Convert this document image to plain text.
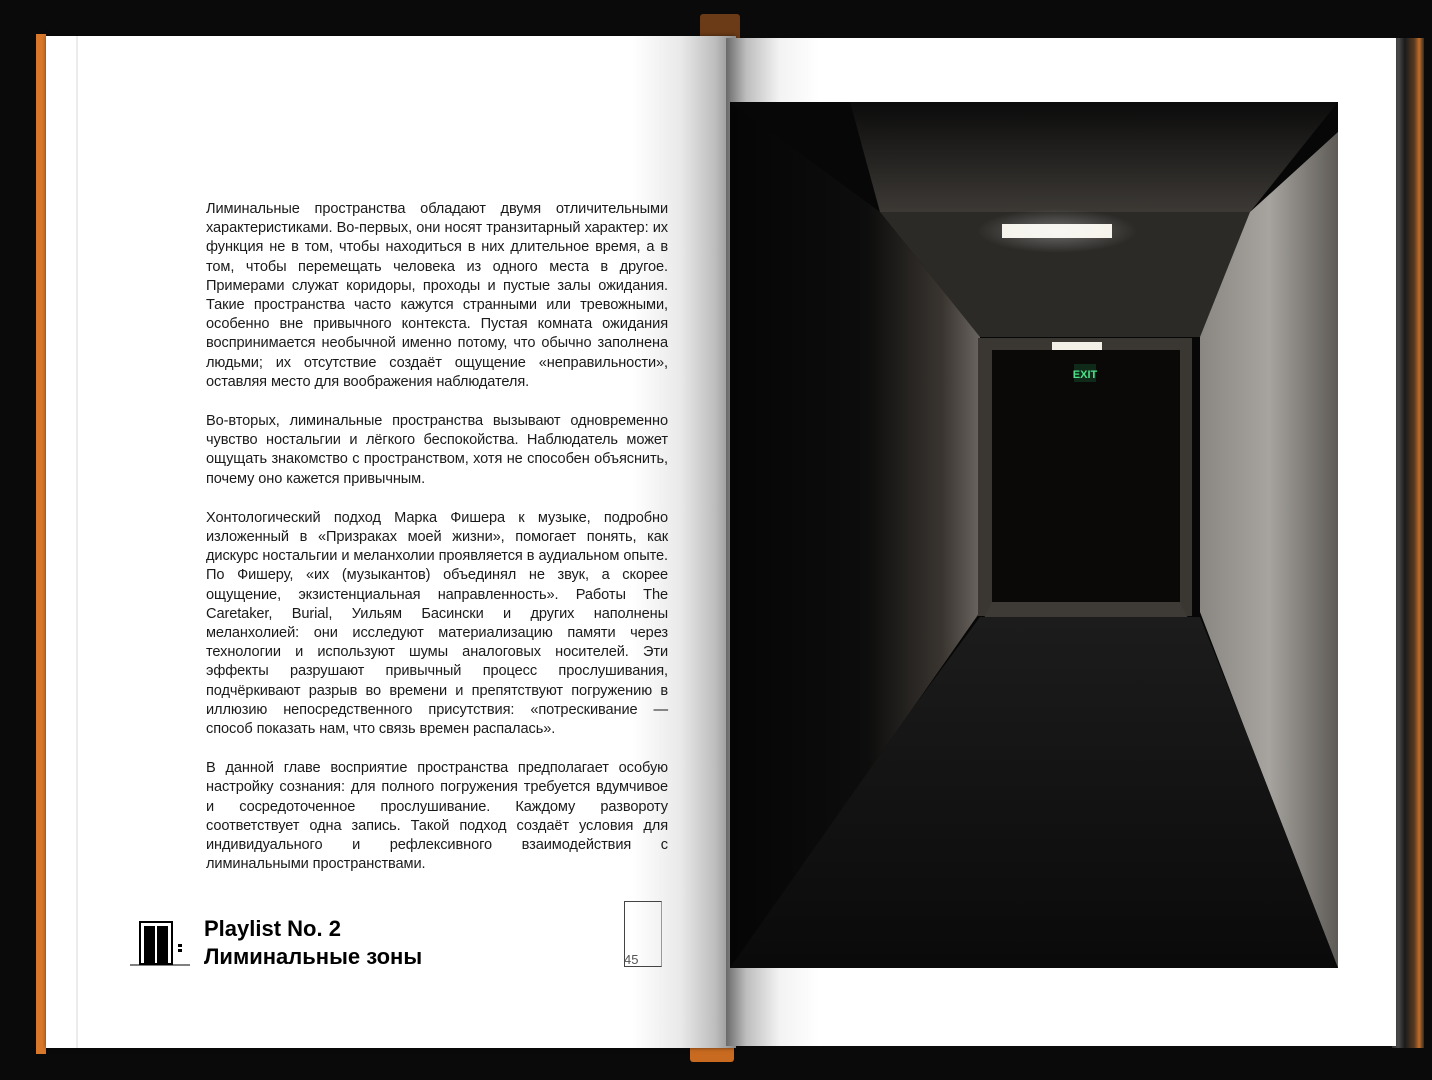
Лиминальные пространства обладают двумя отличительными характеристиками. Во-первых, они носят транзитарный характер: их функция не в том, чтобы находиться в них длительное время, а в том, чтобы перемещать человека из одного места в другое. Примерами служат коридоры, проходы и пустые залы ожидания. Такие пространства часто кажутся странными или тревожными, особенно вне привычного контекста. Пустая комната ожидания воспринимается необычной именно потому, что обычно заполнена людьми; их отсутствие создаёт ощущение «неправильности», оставляя место для воображения наблюдателя.

Во-вторых, лиминальные пространства вызывают одновременно чувство ностальгии и лёгкого беспокойства. Наблюдатель может ощущать знакомство с пространством, хотя не способен объяснить, почему оно кажется привычным.

Хонтологический подход Марка Фишера к музыке, подробно изложенный в «Призраках моей жизни», помогает понять, как дискурс ностальгии и меланхолии проявляется в аудиальном опыте. По Фишеру, «их (музыкантов) объединял не звук, а скорее ощущение, экзистенциальная направленность». Работы The Caretaker, Burial, Уильям Басински и других наполнены меланхолией: они исследуют материализацию памяти через технологии и используют шумы аналоговых носителей. Эти эффекты разрушают привычный процесс прослушивания, подчёркивают разрыв во времени и препятствуют погружению в иллюзию непосредственного присутствия: «потрескивание — способ показать нам, что связь времен распалась».

В данной главе восприятие пространства предполагает особую настройку сознания: для полного погружения требуется вдумчивое и сосредоточенное прослушивание. Каждому развороту соответствует одна запись. Такой подход создаёт условия для индивидуального и рефлексивного взаимодействия с лиминальными пространствами.

Playlist No. 2
Лиминальные зоны	45
EXIT
